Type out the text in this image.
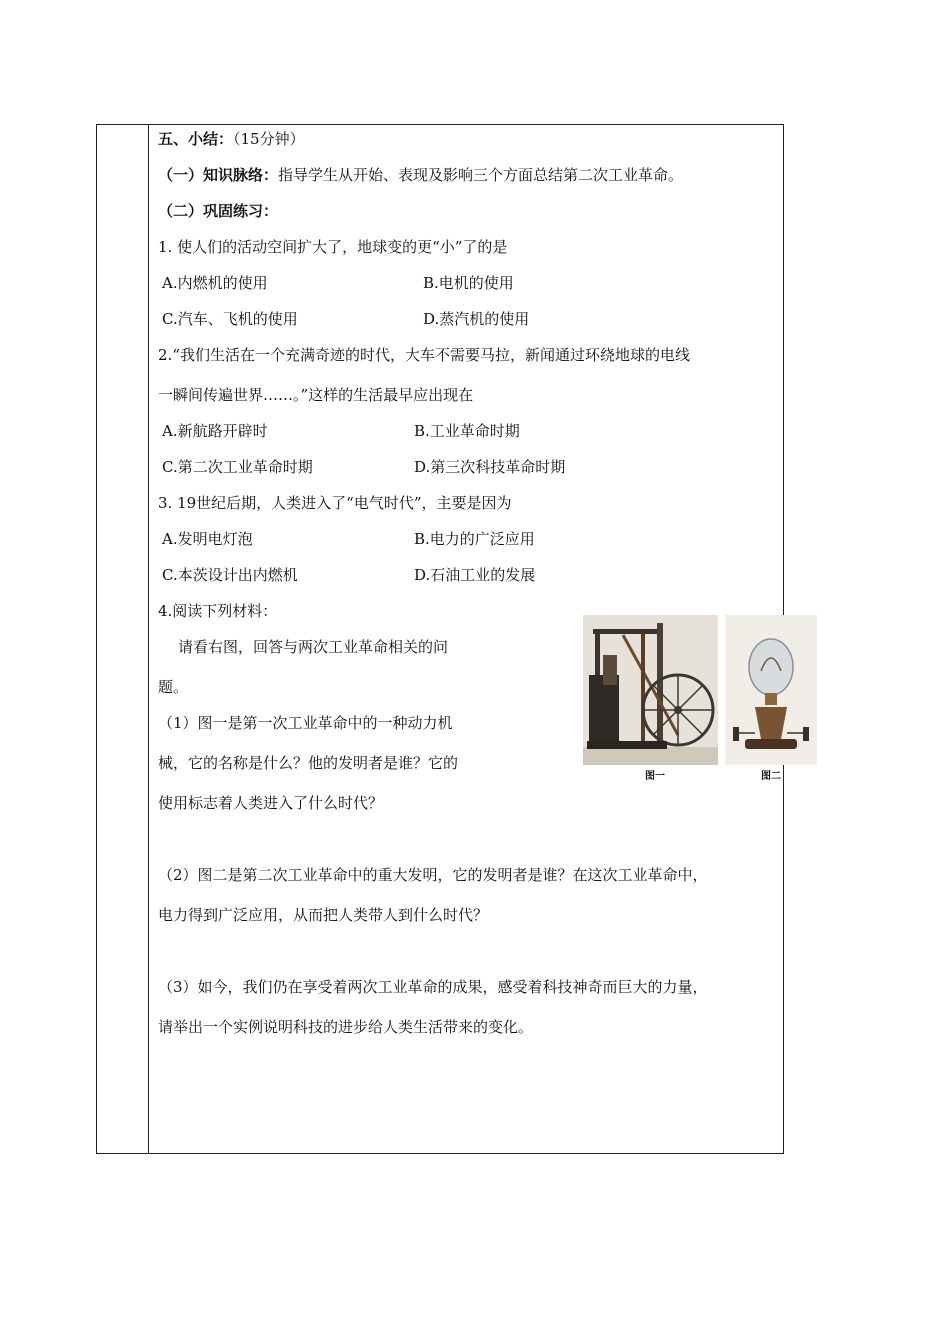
五、小结：（15分钟）
（一）知识脉络：指导学生从开始、表现及影响三个方面总结第二次工业革命。
（二）巩固练习：
1. 使人们的活动空间扩大了，地球变的更“小”了的是
A.内燃机的使用	B.电机的使用
C.汽车、飞机的使用	D.蒸汽机的使用
2.“我们生活在一个充满奇迹的时代，大车不需要马拉，新闻通过环绕地球的电线
一瞬间传遍世界……。”这样的生活最早应出现在
A.新航路开辟时	B.工业革命时期
C.第二次工业革命时期	D.第三次科技革命时期
3. 19世纪后期，人类进入了“电气时代”，主要是因为
A.发明电灯泡	B.电力的广泛应用
C.本茨设计出内燃机	D.石油工业的发展
4.阅读下列材料：
请看右图，回答与两次工业革命相关的问
题。
（1）图一是第一次工业革命中的一种动力机
械，它的名称是什么？他的发明者是谁？它的
使用标志着人类进入了什么时代？
（2）图二是第二次工业革命中的重大发明，它的发明者是谁？在这次工业革命中，
电力得到广泛应用，从而把人类带人到什么时代？
（3）如今，我们仍在享受着两次工业革命的成果，感受着科技神奇而巨大的力量，
请举出一个实例说明科技的进步给人类生活带来的变化。
图一	图二
